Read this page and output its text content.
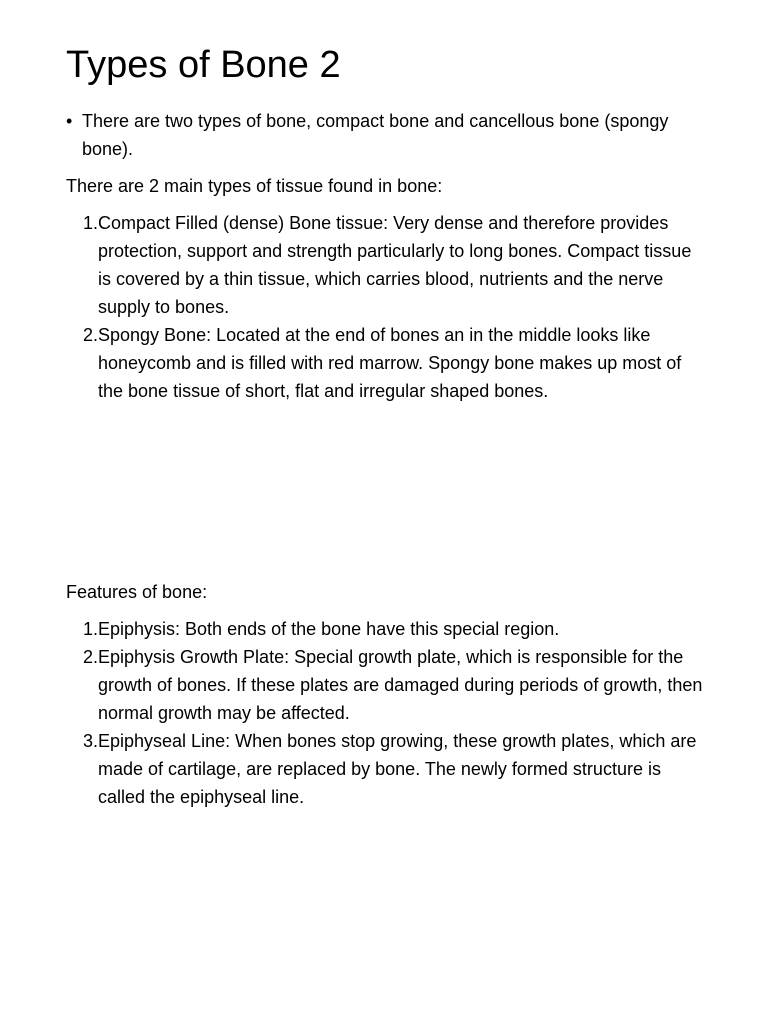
Types of Bone 2
• There are two types of bone, compact bone and cancellous bone (spongy bone).

There are 2 main types of tissue found in bone:

1. Compact Filled (dense) Bone tissue: Very dense and therefore provides protection, support and strength particularly to long bones. Compact tissue is covered by a thin tissue, which carries blood, nutrients and the nerve supply to bones.
2. Spongy Bone: Located at the end of bones an in the middle looks like honeycomb and is filled with red marrow. Spongy bone makes up most of the bone tissue of short, flat and irregular shaped bones.

Features of bone:

1. Epiphysis: Both ends of the bone have this special region.
2. Epiphysis Growth Plate: Special growth plate, which is responsible for the growth of bones. If these plates are damaged during periods of growth, then normal growth may be affected.
3. Epiphyseal Line: When bones stop growing, these growth plates, which are made of cartilage, are replaced by bone. The newly formed structure is called the epiphyseal line.
